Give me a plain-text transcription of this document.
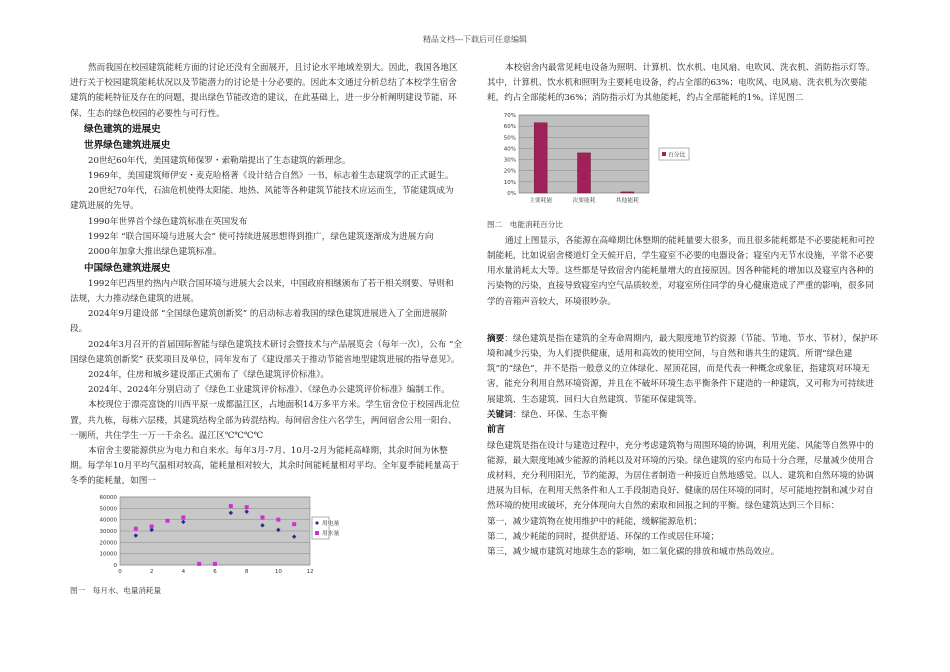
精品文档---下载后可任意编辑

然而我国在校园建筑能耗方面的讨论还没有全面展开，且讨论水平地域差别大。因此，我国各地区进行关于校园建筑能耗状况以及节能潜力的讨论是十分必要的。因此本文通过分析总结了本校学生宿舍建筑的能耗特征及存在的问题，提出绿色节能改造的建议，在此基础上，进一步分析阐明建设节能、环保、生态的绿色校园的必要性与可行性。

绿色建筑的进展史
世界绿色建筑进展史

20世纪60年代，美国建筑师保罗・索勒瑞提出了生态建筑的新理念。

1969年，美国建筑师伊安・麦克哈格著《设计结合自然》一书，标志着生态建筑学的正式诞生。

20世纪70年代，石油危机使得太阳能、地热、风能等各种建筑节能技术应运而生，节能建筑成为建筑进展的先导。

1990年世界首个绿色建筑标准在英国发布

1992年 “联合国环境与进展大会” 使可持续进展思想得到推广，绿色建筑逐渐成为进展方向

2000年加拿大推出绿色建筑标准。

中国绿色建筑进展史

1992年巴西里约热内卢联合国环境与进展大会以来，中国政府相继颁布了若干相关纲要、导则和法规，大力推动绿色建筑的进展。

2024年9月建设部 “全国绿色建筑创新奖” 的启动标志着我国的绿色建筑进展进入了全面进展阶段。

2024年3月召开的首届国际智能与绿色建筑技术研讨会暨技术与产品展览会（每年一次），公布 “全国绿色建筑创新奖” 获奖项目及单位，同年发布了《建设部关于推动节能省地型建筑进展的指导意见》。

2024年，住房和城乡建设部正式颁布了《绿色建筑评价标准》。

2024年、2024年分别启动了《绿色工业建筑评价标准》、《绿色办公建筑评价标准》编制工作。

本校现位于漂亮富饶的川西平原一成都温江区，占地面积14万多平方米。学生宿舍位于校园西北位置，共九栋，每栋六层楼，其建筑结构全部为砖混结构。每间宿舍住六名学生，两间宿舍公用一阳台、一厕所，共住学生一万一千余名。温江区℃℃℃℃

本宿舍主要能源供应为电力和自来水。每年3月-7月、10月-2月为能耗高峰期，其余时间为休整期。每学年10月平均气温相对较高，能耗量相对较大，其余时间能耗量相对平均。全年夏季能耗量高于冬季的能耗量，如图一

0
10000
20000
30000
40000
50000
60000
0	2	4	6	8	10	12
用电量
用水量
图一　每月水、电量消耗量

本校宿舍内最常见耗电设备为照明、计算机、饮水机、电风扇、电吹风、洗衣机、消防指示灯等。其中，计算机、饮水机和照明为主要耗电设备，约占全部的63%；电吹风、电风扇、洗衣机为次要能耗，约占全部能耗的36%；消防指示灯为其他能耗，约占全部能耗的1%。详见图二

0%
10%
20%
30%
40%
50%
60%
70%
主要耗能	次要能耗	其他能耗
百分比
图二　电能消耗百分比

通过上图显示，各能源在高峰期比休整期的能耗量要大很多，而且很多能耗都是不必要能耗和可控制能耗，比如说宿舍楼道灯全天候开启，学生寝室不必要的电器设备；寝室内无节水设施，平常不必要用水量消耗太大等。这些都是导致宿舍内能耗量增大的直接原因。因各种能耗的增加以及寝室内各种的污染物的污染，直接导致寝室内空气品质较差，对寝室所住同学的身心健康造成了严重的影响，很多同学的音箱声音较大，环境很吵杂。

摘要：绿色建筑是指在建筑的全寿命周期内，最大限度地节约资源（节能、节地、节水、节材），保护环境和减少污染，为人们提供健康，适用和高效的使用空间，与自然和谐共生的建筑。所谓“绿色建筑”的“绿色”，并不是指一般意义的立体绿化、屋顶花园，而是代表一种概念或象征，指建筑对环境无害，能充分利用自然环境资源，并且在不破坏环境生态平衡条件下建造的一种建筑，又可称为可持续进展建筑、生态建筑、回归大自然建筑、节能环保建筑等。

关键词：绿色、环保、生态平衡

前言

绿色建筑是指在设计与建造过程中，充分考虑建筑物与周围环境的协调，利用光能、风能等自然界中的能源，最大限度地减少能源的消耗以及对环境的污染。绿色建筑的室内布局十分合理，尽量减少使用合成材料，充分利用阳光，节约能源，为居住者制造一种接近自然地感觉。以人、建筑和自然环境的协调进展为目标，在利用天然条件和人工手段制造良好、健康的居住环境的同时，尽可能地控制和减少对自然环境的使用或破坏，充分体现向大自然的索取和回报之间的平衡。绿色建筑达到三个目标：

第一，减少建筑物在使用维护中的耗能，缓解能源危机；

第二，减少耗能的同时，提供舒适、环保的工作或居住环境；

第三，减少城市建筑对地球生态的影响，如二氧化碳的排放和城市热岛效应。
